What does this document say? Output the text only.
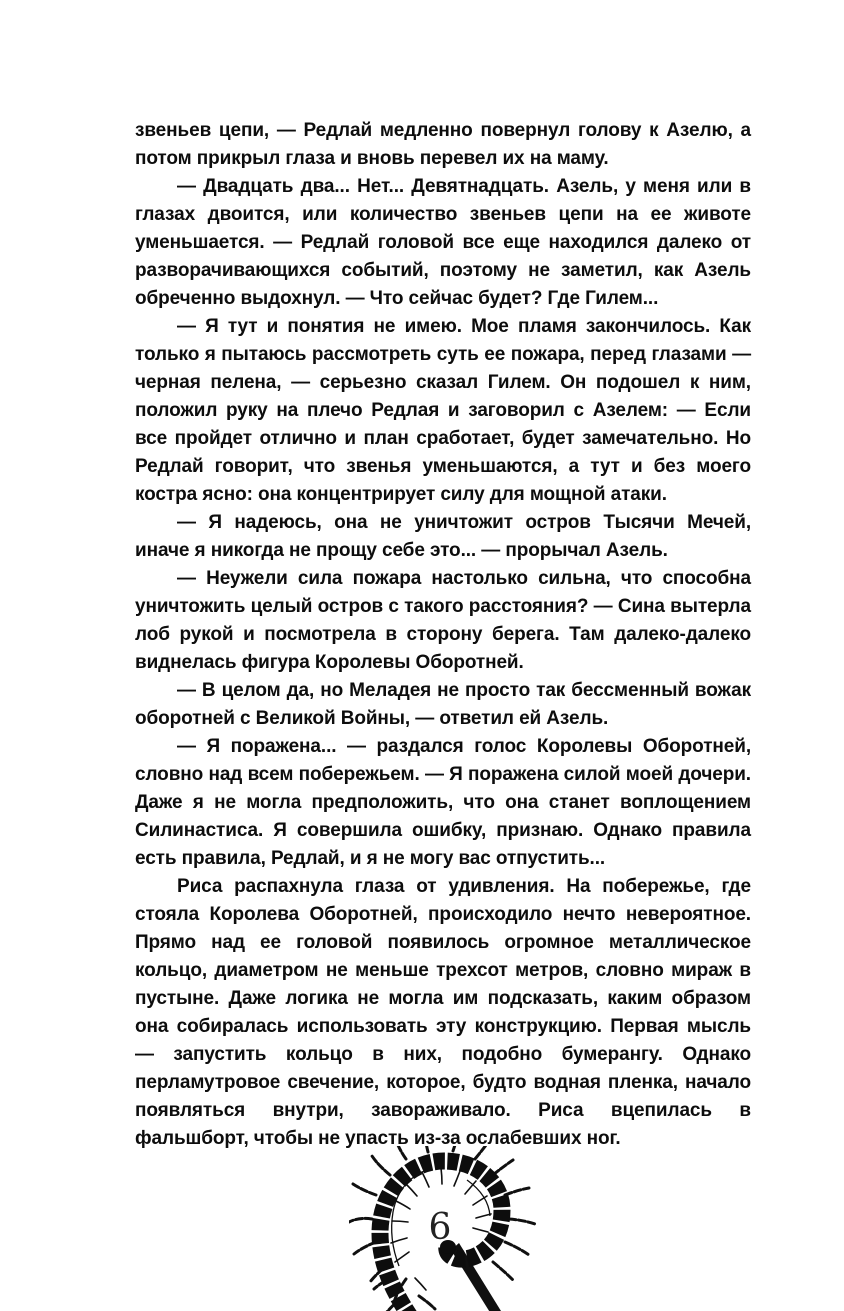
звеньев цепи, — Редлай медленно повернул голову к Азелю, а потом прикрыл глаза и вновь перевел их на маму.

— Двадцать два... Нет... Девятнадцать. Азель, у меня или в глазах двоится, или количество звеньев цепи на ее животе уменьшается. — Редлай головой все еще находился далеко от разворачивающихся событий, поэтому не заметил, как Азель обреченно выдохнул. — Что сейчас будет? Где Гилем...

— Я тут и понятия не имею. Мое пламя закончилось. Как только я пытаюсь рассмотреть суть ее пожара, перед глазами — черная пелена, — серьезно сказал Гилем. Он подошел к ним, положил руку на плечо Редлая и заговорил с Азелем: — Если все пройдет отлично и план сработает, будет замечательно. Но Редлай говорит, что звенья уменьшаются, а тут и без моего костра ясно: она концентрирует силу для мощной атаки.

— Я надеюсь, она не уничтожит остров Тысячи Мечей, иначе я никогда не прощу себе это... — прорычал Азель.

— Неужели сила пожара настолько сильна, что способна уничтожить целый остров с такого расстояния? — Сина вытерла лоб рукой и посмотрела в сторону берега. Там далеко-далеко виднелась фигура Королевы Оборотней.

— В целом да, но Меладея не просто так бессменный вожак оборотней с Великой Войны, — ответил ей Азель.

— Я поражена... — раздался голос Королевы Оборотней, словно над всем побережьем. — Я поражена силой моей дочери. Даже я не могла предположить, что она станет воплощением Силинастиса. Я совершила ошибку, признаю. Однако правила есть правила, Редлай, и я не могу вас отпустить...

Риса распахнула глаза от удивления. На побережье, где стояла Королева Оборотней, происходило нечто невероятное. Прямо над ее головой появилось огромное металлическое кольцо, диаметром не меньше трехсот метров, словно мираж в пустыне. Даже логика не могла им подсказать, каким образом она собиралась использовать эту конструкцию. Первая мысль — запустить кольцо в них, подобно бумерангу. Однако перламутровое свечение, которое, будто водная пленка, начало появляться внутри, завораживало. Риса вцепилась в фальшборт, чтобы не упасть из-за ослабевших ног.

6
